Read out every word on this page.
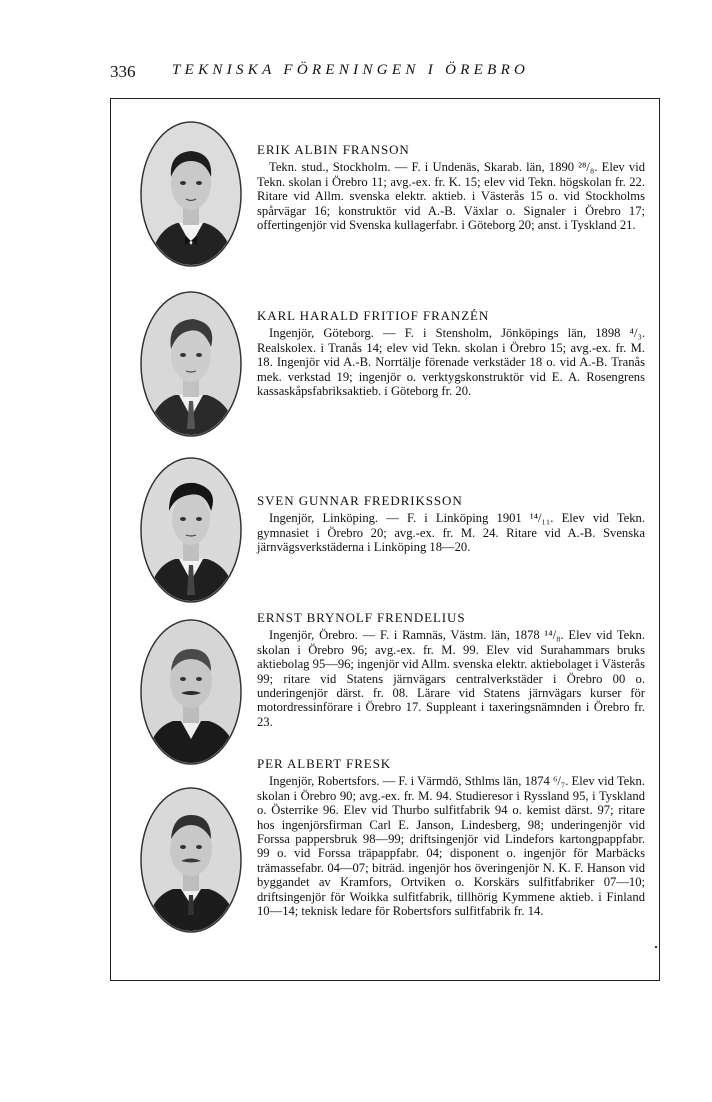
336 TEKNISKA FÖRENINGEN I ÖREBRO
ERIK ALBIN FRANSON
Tekn. stud., Stockholm. — F. i Undenäs, Skarab. län, 1890 ²⁸/₈. Elev vid Tekn. skolan i Örebro 11; avg.-ex. fr. K. 15; elev vid Tekn. högskolan fr. 22. Ritare vid Allm. svenska elektr. aktieb. i Västerås 15 o. vid Stockholms spårvägar 16; konstruktör vid A.-B. Växlar o. Signaler i Örebro 17; offertingenjör vid Svenska kullagerfabr. i Göteborg 20; anst. i Tyskland 21.
KARL HARALD FRITIOF FRANZÉN
Ingenjör, Göteborg. — F. i Stensholm, Jönköpings län, 1898 ⁴/₃. Realskolex. i Tranås 14; elev vid Tekn. skolan i Örebro 15; avg.-ex. fr. M. 18. Ingenjör vid A.-B. Norrtälje förenade verkstäder 18 o. vid A.-B. Tranås mek. verkstad 19; ingenjör o. verktygskonstruktör vid E. A. Rosengrens kassaskåpsfabriksaktieb. i Göteborg fr. 20.
SVEN GUNNAR FREDRIKSSON
Ingenjör, Linköping. — F. i Linköping 1901 ¹⁴/₁₁. Elev vid Tekn. gymnasiet i Örebro 20; avg.-ex. fr. M. 24. Ritare vid A.-B. Svenska järnvägsverkstäderna i Linköping 18—20.
ERNST BRYNOLF FRENDELIUS
Ingenjör, Örebro. — F. i Ramnäs, Västm. län, 1878 ¹⁴/₈. Elev vid Tekn. skolan i Örebro 96; avg.-ex. fr. M. 99. Elev vid Surahammars bruks aktiebolag 95—96; ingenjör vid Allm. svenska elektr. aktiebolaget i Västerås 99; ritare vid Statens järnvägars centralverkstäder i Örebro 00 o. underingenjör därst. fr. 08. Lärare vid Statens järnvägars kurser för motordressinförare i Örebro 17. Suppleant i taxeringsnämnden i Örebro fr. 23.
PER ALBERT FRESK
Ingenjör, Robertsfors. — F. i Värmdö, Sthlms län, 1874 ⁶/₇. Elev vid Tekn. skolan i Örebro 90; avg.-ex. fr. M. 94. Studieresor i Ryssland 95, i Tyskland o. Österrike 96. Elev vid Thurbo sulfitfabrik 94 o. kemist därst. 97; ritare hos ingenjörsfirman Carl E. Janson, Lindesberg, 98; underingenjör vid Forssa pappersbruk 98—99; driftsingenjör vid Lindefors kartongpappfabr. 99 o. vid Forssa träpappfabr. 04; disponent o. ingenjör för Marbäcks trämassefabr. 04—07; biträd. ingenjör hos överingenjör N. K. F. Hanson vid byggandet av Kramfors, Ortviken o. Korskärs sulfitfabriker 07—10; driftsingenjör för Woikka sulfitfabrik, tillhörig Kymmene aktieb. i Finland 10—14; teknisk ledare för Robertsfors sulfitfabrik fr. 14.
